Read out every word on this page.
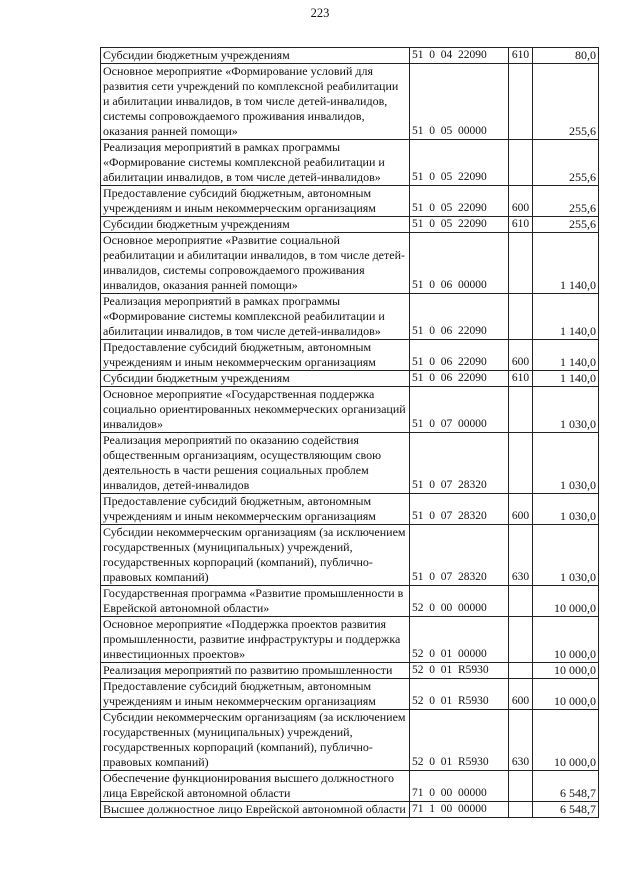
223
Субсидии бюджетным учреждениям	51  0  04  22090	610	80,0
Основное мероприятие «Формирование условий для развития сети учреждений по комплексной реабилитации и абилитации инвалидов, в том числе детей-инвалидов, системы сопровождаемого проживания инвалидов, оказания ранней помощи»	51  0  05  00000		255,6
Реализация мероприятий в рамках программы «Формирование системы комплексной реабилитации и абилитации инвалидов, в том числе детей-инвалидов»	51  0  05  22090		255,6
Предоставление субсидий бюджетным, автономным учреждениям и иным некоммерческим организациям	51  0  05  22090	600	255,6
Субсидии бюджетным учреждениям	51  0  05  22090	610	255,6
Основное мероприятие «Развитие социальной реабилитации и абилитации инвалидов, в том числе детей-инвалидов, системы сопровождаемого проживания инвалидов, оказания ранней помощи»	51  0  06  00000		1 140,0
Реализация мероприятий в рамках программы «Формирование системы комплексной реабилитации и абилитации инвалидов, в том числе детей-инвалидов»	51  0  06  22090		1 140,0
Предоставление субсидий бюджетным, автономным учреждениям и иным некоммерческим организациям	51  0  06  22090	600	1 140,0
Субсидии бюджетным учреждениям	51  0  06  22090	610	1 140,0
Основное мероприятие «Государственная поддержка социально ориентированных некоммерческих организаций инвалидов»	51  0  07  00000		1 030,0
Реализация мероприятий по оказанию содействия общественным организациям, осуществляющим свою деятельность в части решения социальных проблем инвалидов, детей-инвалидов	51  0  07  28320		1 030,0
Предоставление субсидий бюджетным, автономным учреждениям и иным некоммерческим организациям	51  0  07  28320	600	1 030,0
Субсидии некоммерческим организациям (за исключением государственных (муниципальных) учреждений, государственных корпораций (компаний), публично-правовых компаний)	51  0  07  28320	630	1 030,0
Государственная программа «Развитие промышленности в Еврейской автономной области»	52  0  00  00000		10 000,0
Основное мероприятие «Поддержка проектов развития промышленности, развитие инфраструктуры и поддержка инвестиционных проектов»	52  0  01  00000		10 000,0
Реализация мероприятий по развитию промышленности	52  0  01  R5930		10 000,0
Предоставление субсидий бюджетным, автономным учреждениям и иным некоммерческим организациям	52  0  01  R5930	600	10 000,0
Субсидии некоммерческим организациям (за исключением государственных (муниципальных) учреждений, государственных корпораций (компаний), публично-правовых компаний)	52  0  01  R5930	630	10 000,0
Обеспечение функционирования высшего должностного лица Еврейской автономной области	71  0  00  00000		6 548,7
Высшее должностное лицо Еврейской автономной области	71  1  00  00000		6 548,7
